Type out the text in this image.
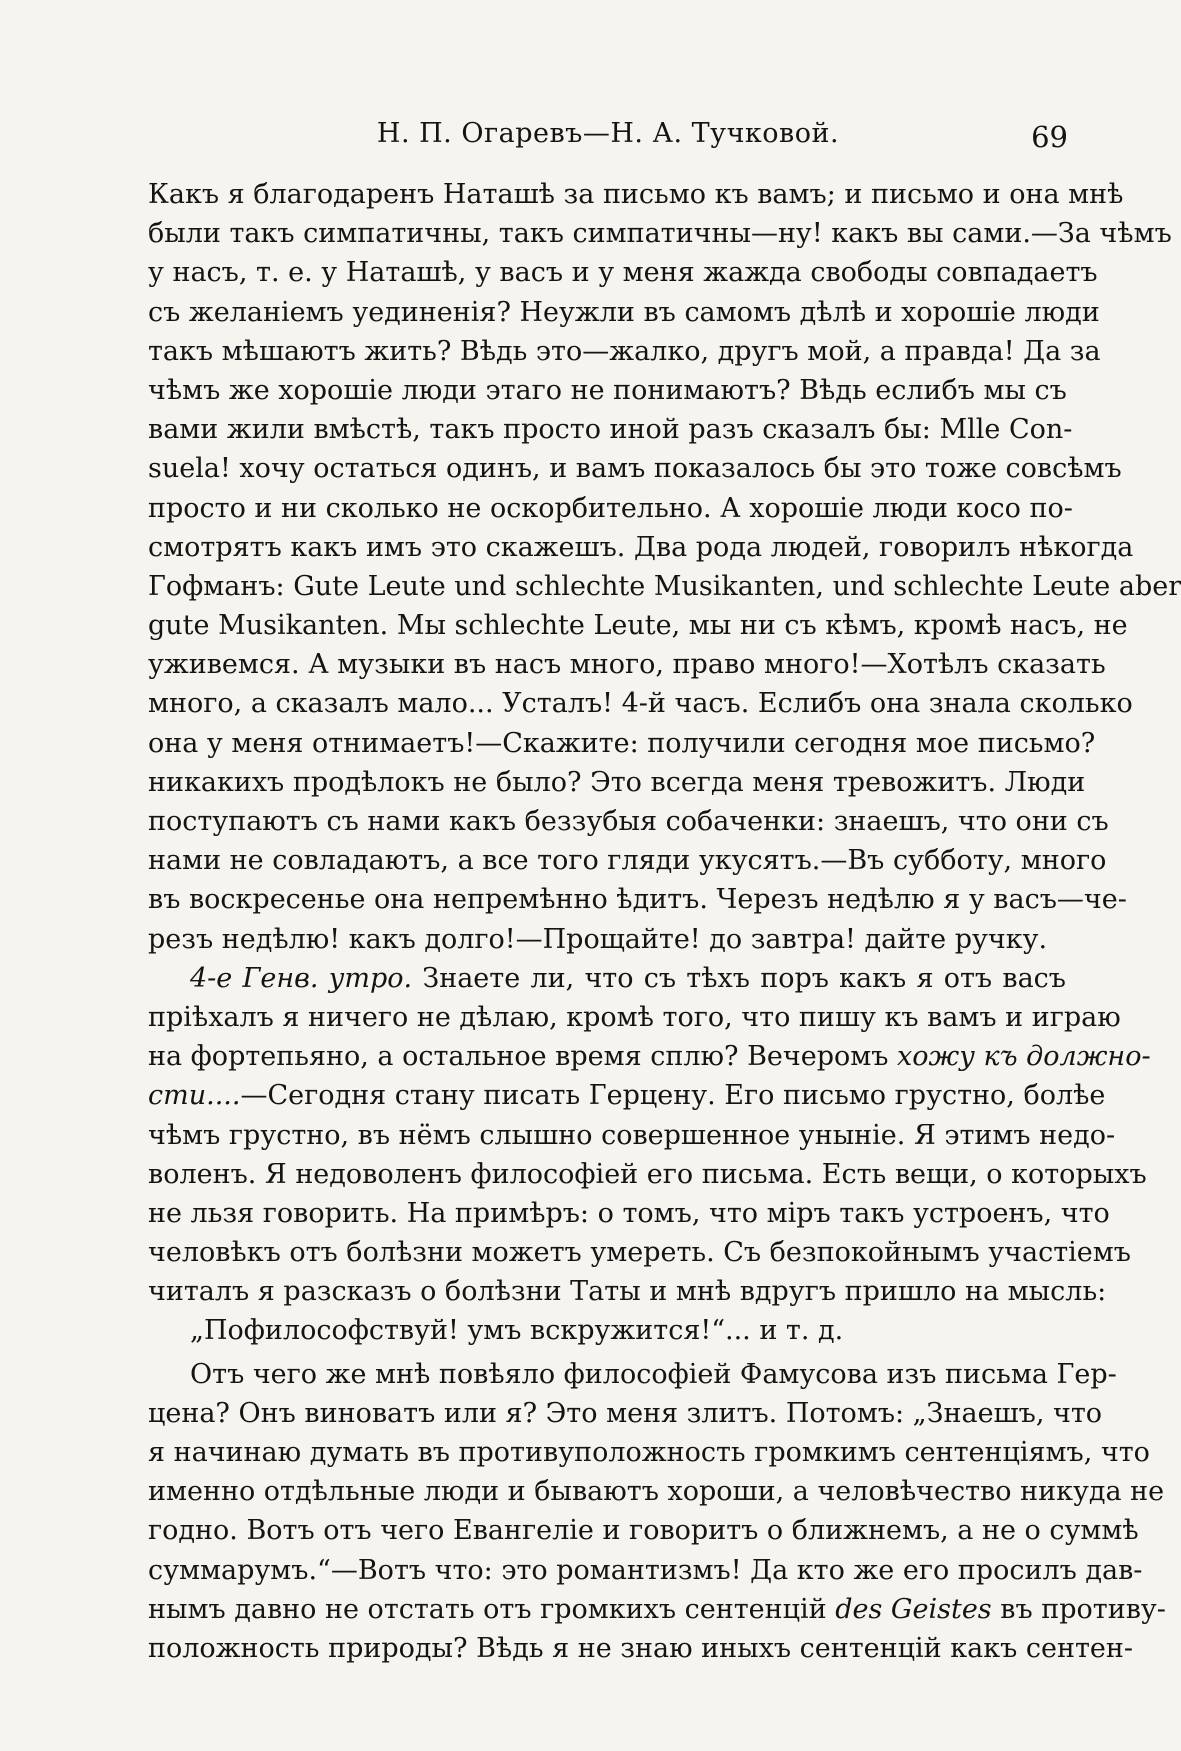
Н. П. Огаревъ—Н. А. Тучковой.	69
Какъ я благодаренъ Наташѣ за письмо къ вамъ; и письмо и она мнѣ
были такъ симпатичны, такъ симпатичны—ну! какъ вы сами.—За чѣмъ
у насъ, т. е. у Наташѣ, у васъ и у меня жажда свободы совпадаетъ
съ желанiемъ уединенiя? Неужли въ самомъ дѣлѣ и хорошiе люди
такъ мѣшаютъ жить? Вѣдь это—жалко, другъ мой, а правда! Да за
чѣмъ же хорошiе люди этаго не понимаютъ? Вѣдь еслибъ мы съ
вами жили вмѣстѣ, такъ просто иной разъ сказалъ бы: Mlle Con-
suela! хочу остаться одинъ, и вамъ показалось бы это тоже совсѣмъ
просто и ни сколько не оскорбительно. А хорошiе люди косо по-
смотрятъ какъ имъ это скажешъ. Два рода людей, говорилъ нѣкогда
Гофманъ: Gute Leute und schlechte Musikanten, und schlechte Leute aber
gute Musikanten. Мы schlechte Leute, мы ни съ кѣмъ, кромѣ насъ, не
уживемся. А музыки въ насъ много, право много!—Хотѣлъ сказать
много, а сказалъ мало... Усталъ! 4-й часъ. Еслибъ она знала сколько
она у меня отнимаетъ!—Скажите: получили сегодня мое письмо?
никакихъ продѣлокъ не было? Это всегда меня тревожитъ. Люди
поступаютъ съ нами какъ беззубыя собаченки: знаешъ, что они съ
нами не совладаютъ, а все того гляди укусятъ.—Въ субботу, много
въ воскресенье она непремѣнно ѣдитъ. Черезъ недѣлю я у васъ—че-
резъ недѣлю! какъ долго!—Прощайте! до завтра! дайте ручку.
4-е Генв. утро. Знаете ли, что съ тѣхъ поръ какъ я отъ васъ
прiѣхалъ я ничего не дѣлаю, кромѣ того, что пишу къ вамъ и играю
на фортепьяно, а остальное время сплю? Вечеромъ хожу къ должно-
сти....—Сегодня стану писать Герцену. Его письмо грустно, болѣе
чѣмъ грустно, въ нёмъ слышно совершенное унынiе. Я этимъ недо-
воленъ. Я недоволенъ философiей его письма. Есть вещи, о которыхъ
не льзя говорить. На примѣръ: о томъ, что мiръ такъ устроенъ, что
человѣкъ отъ болѣзни можетъ умереть. Съ безпокойнымъ участiемъ
читалъ я разсказъ о болѣзни Таты и мнѣ вдругъ пришло на мысль:
„Пофилософствуй! умъ вскружится!“... и т. д.
Отъ чего же мнѣ повѣяло философiей Фамусова изъ письма Гер-
цена? Онъ виноватъ или я? Это меня злитъ. Потомъ: „Знаешъ, что
я начинаю думать въ противуположность громкимъ сентенцiямъ, что
именно отдѣльные люди и бываютъ хороши, а человѣчество никуда не
годно. Вотъ отъ чего Евангелiе и говоритъ о ближнемъ, а не о суммѣ
суммарумъ.“—Вотъ что: это романтизмъ! Да кто же его просилъ дав-
нымъ давно не отстать отъ громкихъ сентенцiй des Geistes въ противу-
положность природы? Вѣдь я не знаю иныхъ сентенцiй какъ сентен-
